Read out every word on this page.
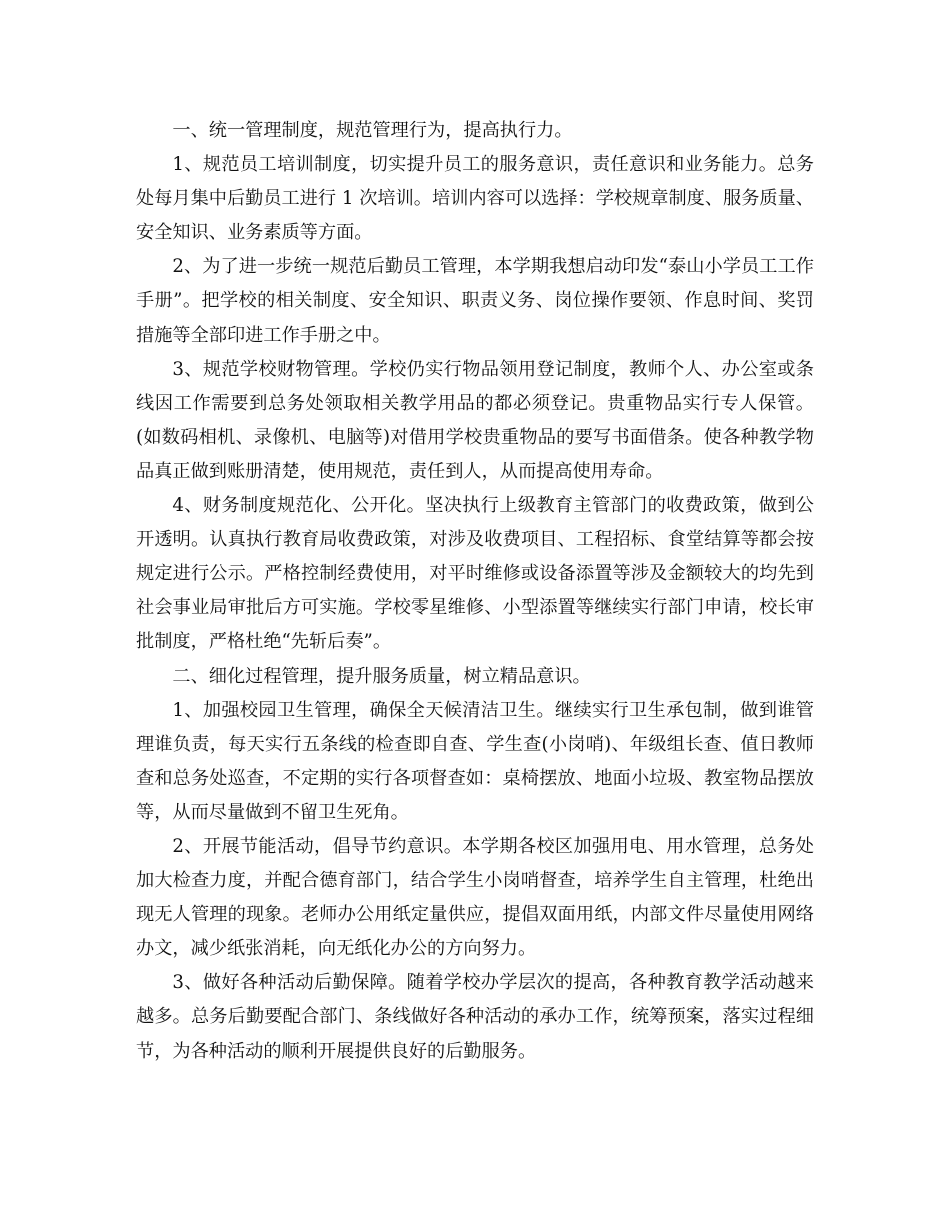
一、统一管理制度，规范管理行为，提高执行力。

1、规范员工培训制度，切实提升员工的服务意识，责任意识和业务能力。总务处每月集中后勤员工进行 1 次培训。培训内容可以选择：学校规章制度、服务质量、安全知识、业务素质等方面。

2、为了进一步统一规范后勤员工管理，本学期我想启动印发“泰山小学员工工作手册”。把学校的相关制度、安全知识、职责义务、岗位操作要领、作息时间、奖罚措施等全部印进工作手册之中。

3、规范学校财物管理。学校仍实行物品领用登记制度，教师个人、办公室或条线因工作需要到总务处领取相关教学用品的都必须登记。贵重物品实行专人保管。(如数码相机、录像机、电脑等)对借用学校贵重物品的要写书面借条。使各种教学物品真正做到账册清楚，使用规范，责任到人，从而提高使用寿命。

4、财务制度规范化、公开化。坚决执行上级教育主管部门的收费政策，做到公开透明。认真执行教育局收费政策，对涉及收费项目、工程招标、食堂结算等都会按规定进行公示。严格控制经费使用，对平时维修或设备添置等涉及金额较大的均先到社会事业局审批后方可实施。学校零星维修、小型添置等继续实行部门申请，校长审批制度，严格杜绝“先斩后奏”。

二、细化过程管理，提升服务质量，树立精品意识。

1、加强校园卫生管理，确保全天候清洁卫生。继续实行卫生承包制，做到谁管理谁负责，每天实行五条线的检查即自查、学生查(小岗哨)、年级组长查、值日教师查和总务处巡查，不定期的实行各项督查如：桌椅摆放、地面小垃圾、教室物品摆放等，从而尽量做到不留卫生死角。

2、开展节能活动，倡导节约意识。本学期各校区加强用电、用水管理，总务处加大检查力度，并配合德育部门，结合学生小岗哨督查，培养学生自主管理，杜绝出现无人管理的现象。老师办公用纸定量供应，提倡双面用纸，内部文件尽量使用网络办文，减少纸张消耗，向无纸化办公的方向努力。

3、做好各种活动后勤保障。随着学校办学层次的提高，各种教育教学活动越来越多。总务后勤要配合部门、条线做好各种活动的承办工作，统筹预案，落实过程细节，为各种活动的顺利开展提供良好的后勤服务。
